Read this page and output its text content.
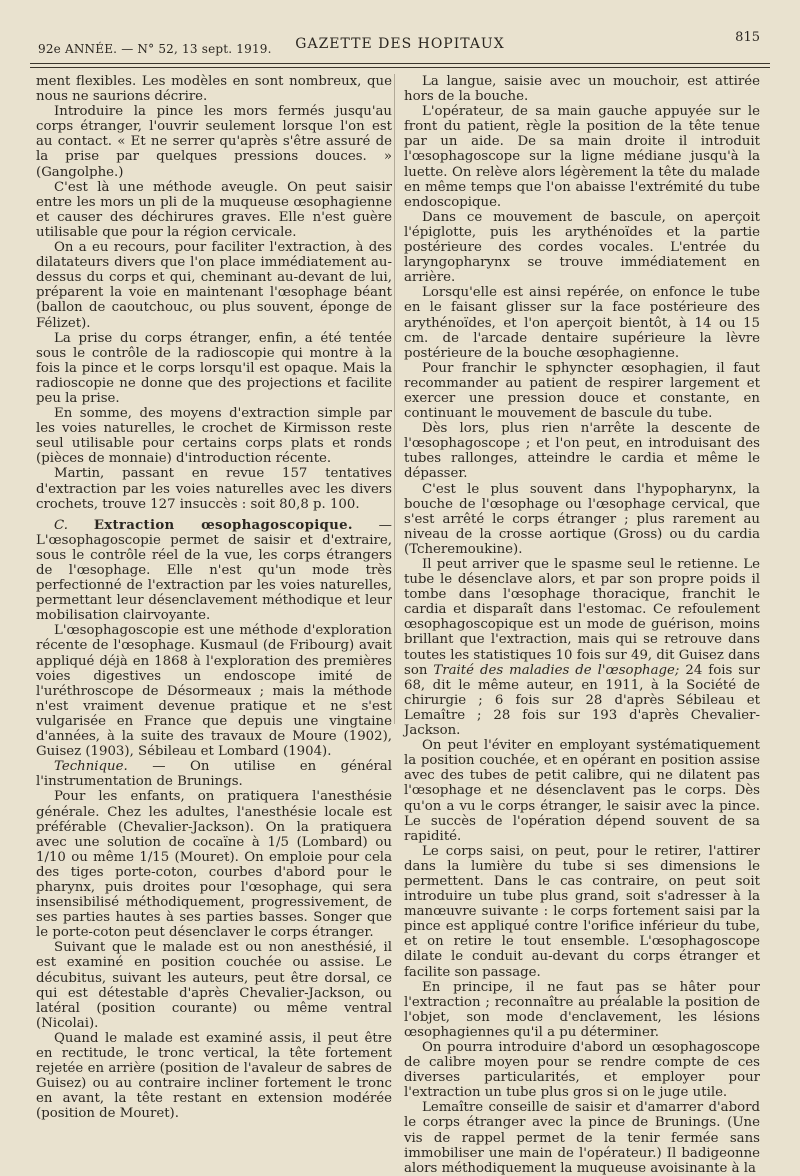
92e ANNÉE. — N° 52, 13 sept. 1919.	GAZETTE DES HOPITAUX	815

ment flexibles. Les modèles en sont nombreux, que nous ne saurions décrire.

Introduire la pince les mors fermés jusqu'au corps étranger, l'ouvrir seulement lorsque l'on est au contact. « Et ne serrer qu'après s'être assuré de la prise par quelques pressions douces. » (Gangolphe.)

C'est là une méthode aveugle. On peut saisir entre les mors un pli de la muqueuse œsophagienne et causer des déchirures graves. Elle n'est guère utilisable que pour la région cervicale.

On a eu recours, pour faciliter l'extraction, à des dilatateurs divers que l'on place immédiatement au-dessus du corps et qui, cheminant au-devant de lui, préparent la voie en maintenant l'œsophage béant (ballon de caoutchouc, ou plus souvent, éponge de Félizet).

La prise du corps étranger, enfin, a été tentée sous le contrôle de la radioscopie qui montre à la fois la pince et le corps lorsqu'il est opaque. Mais la radioscopie ne donne que des projections et facilite peu la prise.

En somme, des moyens d'extraction simple par les voies naturelles, le crochet de Kirmisson reste seul utilisable pour certains corps plats et ronds (pièces de monnaie) d'introduction récente.

Martin, passant en revue 157 tentatives d'extraction par les voies naturelles avec les divers crochets, trouve 127 insuccès : soit 80,8 p. 100.

C. Extraction œsophagoscopique. — L'œsophagoscopie permet de saisir et d'extraire, sous le contrôle réel de la vue, les corps étrangers de l'œsophage. Elle n'est qu'un mode très perfectionné de l'extraction par les voies naturelles, permettant leur désenclavement méthodique et leur mobilisation clairvoyante.

L'œsophagoscopie est une méthode d'exploration récente de l'œsophage. Kusmaul (de Fribourg) avait appliqué déjà en 1868 à l'exploration des premières voies digestives un endoscope imité de l'uréthroscope de Désormeaux ; mais la méthode n'est vraiment devenue pratique et ne s'est vulgarisée en France que depuis une vingtaine d'années, à la suite des travaux de Moure (1902), Guisez (1903), Sébileau et Lombard (1904).

Technique. — On utilise en général l'instrumentation de Brunings.

Pour les enfants, on pratiquera l'anesthésie générale. Chez les adultes, l'anesthésie locale est préférable (Chevalier-Jackson). On la pratiquera avec une solution de cocaïne à 1/5 (Lombard) ou 1/10 ou même 1/15 (Mouret). On emploie pour cela des tiges porte-coton, courbes d'abord pour le pharynx, puis droites pour l'œsophage, qui sera insensibilisé méthodiquement, progressivement, de ses parties hautes à ses parties basses. Songer que le porte-coton peut désenclaver le corps étranger.

Suivant que le malade est ou non anesthésié, il est examiné en position couchée ou assise. Le décubitus, suivant les auteurs, peut être dorsal, ce qui est détestable d'après Chevalier-Jackson, ou latéral (position courante) ou même ventral (Nicolai).

Quand le malade est examiné assis, il peut être en rectitude, le tronc vertical, la tête fortement rejetée en arrière (position de l'avaleur de sabres de Guisez) ou au contraire incliner fortement le tronc en avant, la tête restant en extension modérée (position de Mouret).

La langue, saisie avec un mouchoir, est attirée hors de la bouche.

L'opérateur, de sa main gauche appuyée sur le front du patient, règle la position de la tête tenue par un aide. De sa main droite il introduit l'œsophagoscope sur la ligne médiane jusqu'à la luette. On relève alors légèrement la tête du malade en même temps que l'on abaisse l'extrémité du tube endoscopique.

Dans ce mouvement de bascule, on aperçoit l'épiglotte, puis les arythénoïdes et la partie postérieure des cordes vocales. L'entrée du laryngopharynx se trouve immédiatement en arrière.

Lorsqu'elle est ainsi repérée, on enfonce le tube en le faisant glisser sur la face postérieure des arythénoïdes, et l'on aperçoit bientôt, à 14 ou 15 cm. de l'arcade dentaire supérieure la lèvre postérieure de la bouche œsophagienne.

Pour franchir le sphyncter œsophagien, il faut recommander au patient de respirer largement et exercer une pression douce et constante, en continuant le mouvement de bascule du tube.

Dès lors, plus rien n'arrête la descente de l'œsophagoscope ; et l'on peut, en introduisant des tubes rallonges, atteindre le cardia et même le dépasser.

C'est le plus souvent dans l'hypopharynx, la bouche de l'œsophage ou l'œsophage cervical, que s'est arrêté le corps étranger ; plus rarement au niveau de la crosse aortique (Gross) ou du cardia (Tcheremoukine).

Il peut arriver que le spasme seul le retienne. Le tube le désenclave alors, et par son propre poids il tombe dans l'œsophage thoracique, franchit le cardia et disparaît dans l'estomac. Ce refoulement œsophagoscopique est un mode de guérison, moins brillant que l'extraction, mais qui se retrouve dans toutes les statistiques 10 fois sur 49, dit Guisez dans son Traité des maladies de l'œsophage; 24 fois sur 68, dit le même auteur, en 1911, à la Société de chirurgie ; 6 fois sur 28 d'après Sébileau et Lemaître ; 28 fois sur 193 d'après Chevalier-Jackson.

On peut l'éviter en employant systématiquement la position couchée, et en opérant en position assise avec des tubes de petit calibre, qui ne dilatent pas l'œsophage et ne désenclavent pas le corps. Dès qu'on a vu le corps étranger, le saisir avec la pince. Le succès de l'opération dépend souvent de sa rapidité.

Le corps saisi, on peut, pour le retirer, l'attirer dans la lumière du tube si ses dimensions le permettent. Dans le cas contraire, on peut soit introduire un tube plus grand, soit s'adresser à la manœuvre suivante : le corps fortement saisi par la pince est appliqué contre l'orifice inférieur du tube, et on retire le tout ensemble. L'œsophagoscope dilate le conduit au-devant du corps étranger et facilite son passage.

En principe, il ne faut pas se hâter pour l'extraction ; reconnaître au préalable la position de l'objet, son mode d'enclavement, les lésions œsophagiennes qu'il a pu déterminer.

On pourra introduire d'abord un œsophagoscope de calibre moyen pour se rendre compte de ces diverses particularités, et employer pour l'extraction un tube plus gros si on le juge utile.

Lemaître conseille de saisir et d'amarrer d'abord le corps étranger avec la pince de Brunings. (Une vis de rappel permet de la tenir fermée sans immobiliser une main de l'opérateur.) Il badigeonne alors méthodiquement la muqueuse avoisinante à la
